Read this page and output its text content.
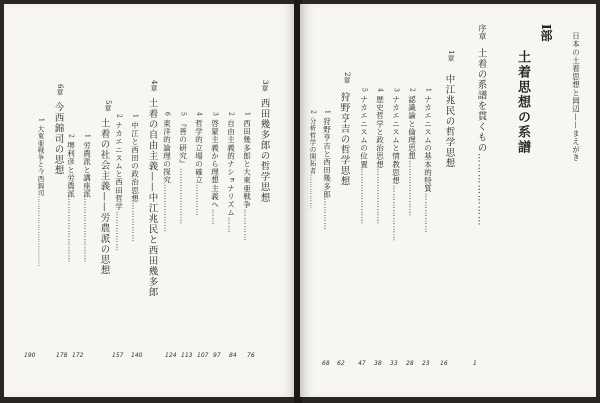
日本の土着思想と岡辺——まえがき
I部
土着思想の系譜
序章
土着の系譜を貫くもの…………………
1章
中江兆民の哲学思想
1ナカエニスムの基本的特質……………
2認識論と倫理思想…………………
3ナカエニスムと情教思想…………………
4歴史哲学と政治思想…………………
5ナカエニスムの位置…………………
2章
狩野亨吉の哲学思想
1狩野亨吉と西田幾多郎…………
2分析哲学の開拓者……………
1
16
23
28
33
38
47
62
68
3章
西田幾多郎の哲学思想
1西田幾多郎と大東亜戦争…………
2自由主義的ナショナリズム……
3啓蒙主義から理想主義へ……
4哲学的立場の確立…………
5『善の研究』…………………
6東洋的論理の探究………………
4章
土着の自由主義——中江兆民と西田幾多郎
1中江と西田の政治思想……………
2ナカエニスムと西田哲学……………
5章
土着の社会主義——労農派の思想
1労農派と講座派……………………
2堺利彦と労農派……………………
6章
今西錦司の思想
1大東亜戦争と今西錦司…………………………
76
84
97
107
113
124
140
157
172
178
190
